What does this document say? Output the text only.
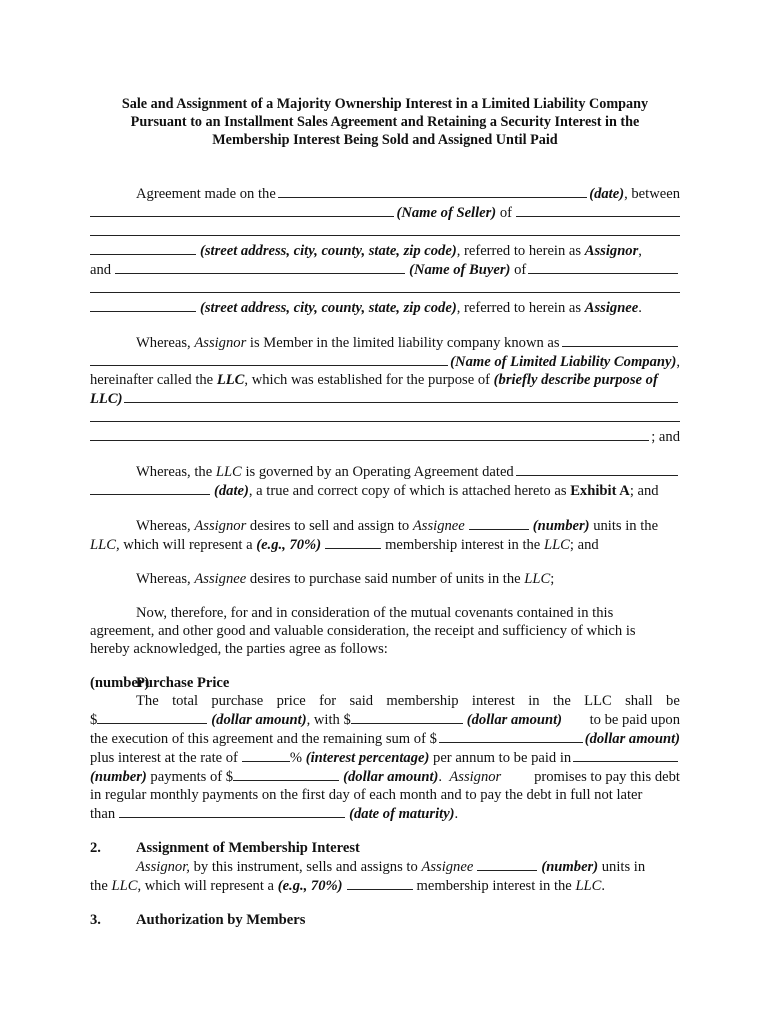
Sale and Assignment of a Majority Ownership Interest in a Limited Liability Company
Pursuant to an Installment Sales Agreement and Retaining a Security Interest in the
Membership Interest Being Sold and Assigned Until Paid
Agreement made on the	(date) , between
(Name of Seller)
of
(street address, city, county, state, zip code) , referred to herein as
Assignor ,
and	(Name of Buyer)
of
(street address, city, county, state, zip code) , referred to herein as
Assignee .
Whereas,
Assignor
is Member in the limited liability company known as
(Name of Limited Liability Company) ,
hereinafter called the
LLC , which was established for the purpose of
(briefly describe purpose of
LLC)
; and
Whereas, the
LLC
is governed by an Operating Agreement dated
(date) , a true and correct copy of which is attached hereto as
Exhibit A ; and
Whereas,
Assignor
desires to sell and assign to
Assignee	(number)
units in the
LLC,
which will represent a
(e.g., 70%)	membership interest in the
LLC ; and
Whereas,
Assignee
desires to purchase said number of units in the
LLC ;
Now, therefore, for and in consideration of the mutual covenants contained in this
agreement, and other good and valuable consideration, the receipt and sufficiency of which is
hereby acknowledged, the parties agree as follows:
(number)
Purchase Price
The total purchase price for said membership interest in the LLC shall be
$	(dollar amount) , with $	(dollar amount) to be paid upon
the execution of this agreement and the remaining sum of $	(dollar amount)
plus interest at the rate of	%
(interest percentage)
per annum to be paid in
(number)
payments of $	(dollar amount) .
Assignor promises to pay this debt
in regular monthly payments on the first day of each month and to pay the debt in full not later
than	(date of maturity) .
2.	Assignment of Membership Interest
Assignor,
by this instrument, sells and assigns to
Assignee	(number)
units in
the
LLC , which will represent a
(e.g., 70%)	membership interest in the
LLC .
3.	Authorization by Members
